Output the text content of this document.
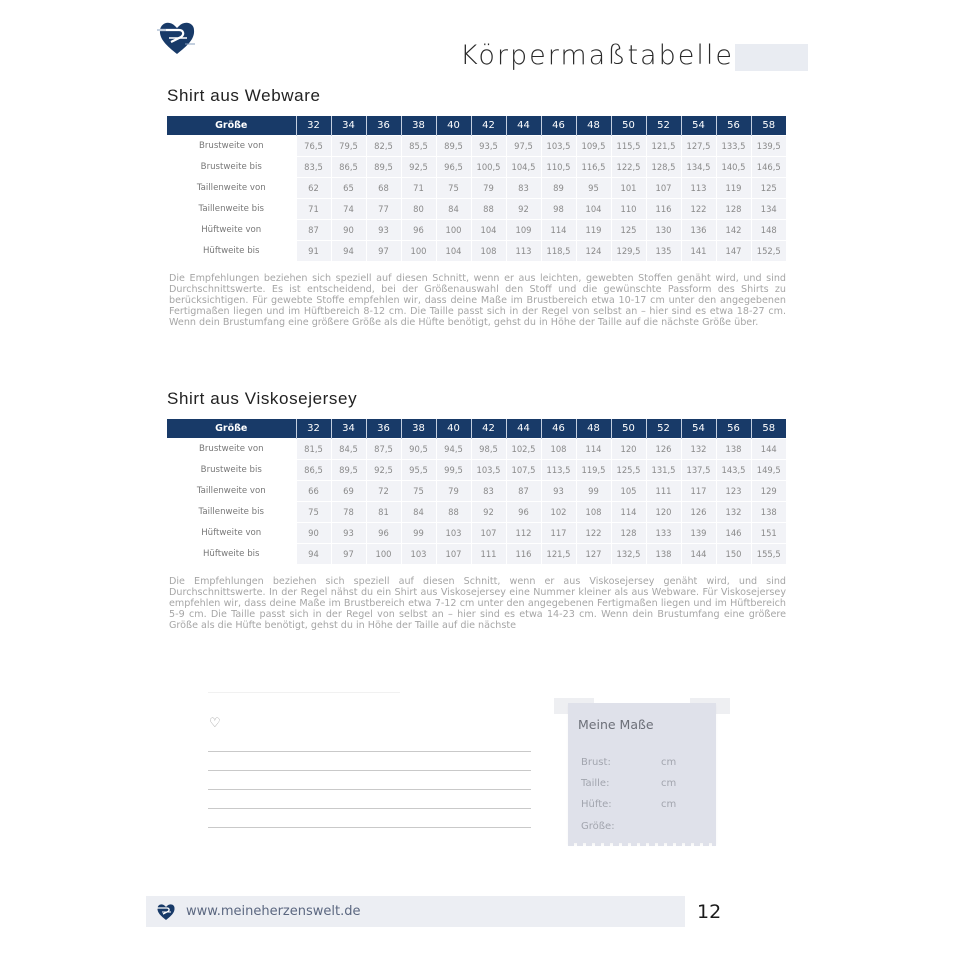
Körpermaßtabelle
Shirt aus Webware
Größe	32	34	36	38	40	42	44	46	48	50	52	54	56	58
Brustweite von	76,5	79,5	82,5	85,5	89,5	93,5	97,5	103,5	109,5	115,5	121,5	127,5	133,5	139,5
Brustweite bis	83,5	86,5	89,5	92,5	96,5	100,5	104,5	110,5	116,5	122,5	128,5	134,5	140,5	146,5
Taillenweite von	62	65	68	71	75	79	83	89	95	101	107	113	119	125
Taillenweite bis	71	74	77	80	84	88	92	98	104	110	116	122	128	134
Hüftweite von	87	90	93	96	100	104	109	114	119	125	130	136	142	148
Hüftweite bis	91	94	97	100	104	108	113	118,5	124	129,5	135	141	147	152,5
Die Empfehlungen beziehen sich speziell auf diesen Schnitt, wenn er aus leichten, gewebten Stoffen genäht wird, und sind Durchschnittswerte. Es ist entscheidend, bei der Größenauswahl den Stoff und die gewünschte Passform des Shirts zu berücksichtigen. Für gewebte Stoffe empfehlen wir, dass deine Maße im Brustbereich etwa 10-17 cm unter den angegebenen Fertigmaßen liegen und im Hüftbereich 8-12 cm. Die Taille passt sich in der Regel von selbst an – hier sind es etwa 18-27 cm. Wenn dein Brustumfang eine größere Größe als die Hüfte benötigt, gehst du in Höhe der Taille auf die nächste Größe über.
Shirt aus Viskosejersey
Größe	32	34	36	38	40	42	44	46	48	50	52	54	56	58
Brustweite von	81,5	84,5	87,5	90,5	94,5	98,5	102,5	108	114	120	126	132	138	144
Brustweite bis	86,5	89,5	92,5	95,5	99,5	103,5	107,5	113,5	119,5	125,5	131,5	137,5	143,5	149,5
Taillenweite von	66	69	72	75	79	83	87	93	99	105	111	117	123	129
Taillenweite bis	75	78	81	84	88	92	96	102	108	114	120	126	132	138
Hüftweite von	90	93	96	99	103	107	112	117	122	128	133	139	146	151
Hüftweite bis	94	97	100	103	107	111	116	121,5	127	132,5	138	144	150	155,5
Die Empfehlungen beziehen sich speziell auf diesen Schnitt, wenn er aus Viskosejersey genäht wird, und sind Durchschnittswerte. In der Regel nähst du ein Shirt aus Viskosejersey eine Nummer kleiner als aus Webware. Für Viskosejersey empfehlen wir, dass deine Maße im Brustbereich etwa 7-12 cm unter den angegebenen Fertigmaßen liegen und im Hüftbereich 5-9 cm. Die Taille passt sich in der Regel von selbst an – hier sind es etwa 14-23 cm. Wenn dein Brustumfang eine größere Größe als die Hüfte benötigt, gehst du in Höhe der Taille auf die nächste
♡	Meine Maße
Brust:	cm
Taille:	cm
Hüfte:	cm
Größe:
www.meineherzenswelt.de	12
